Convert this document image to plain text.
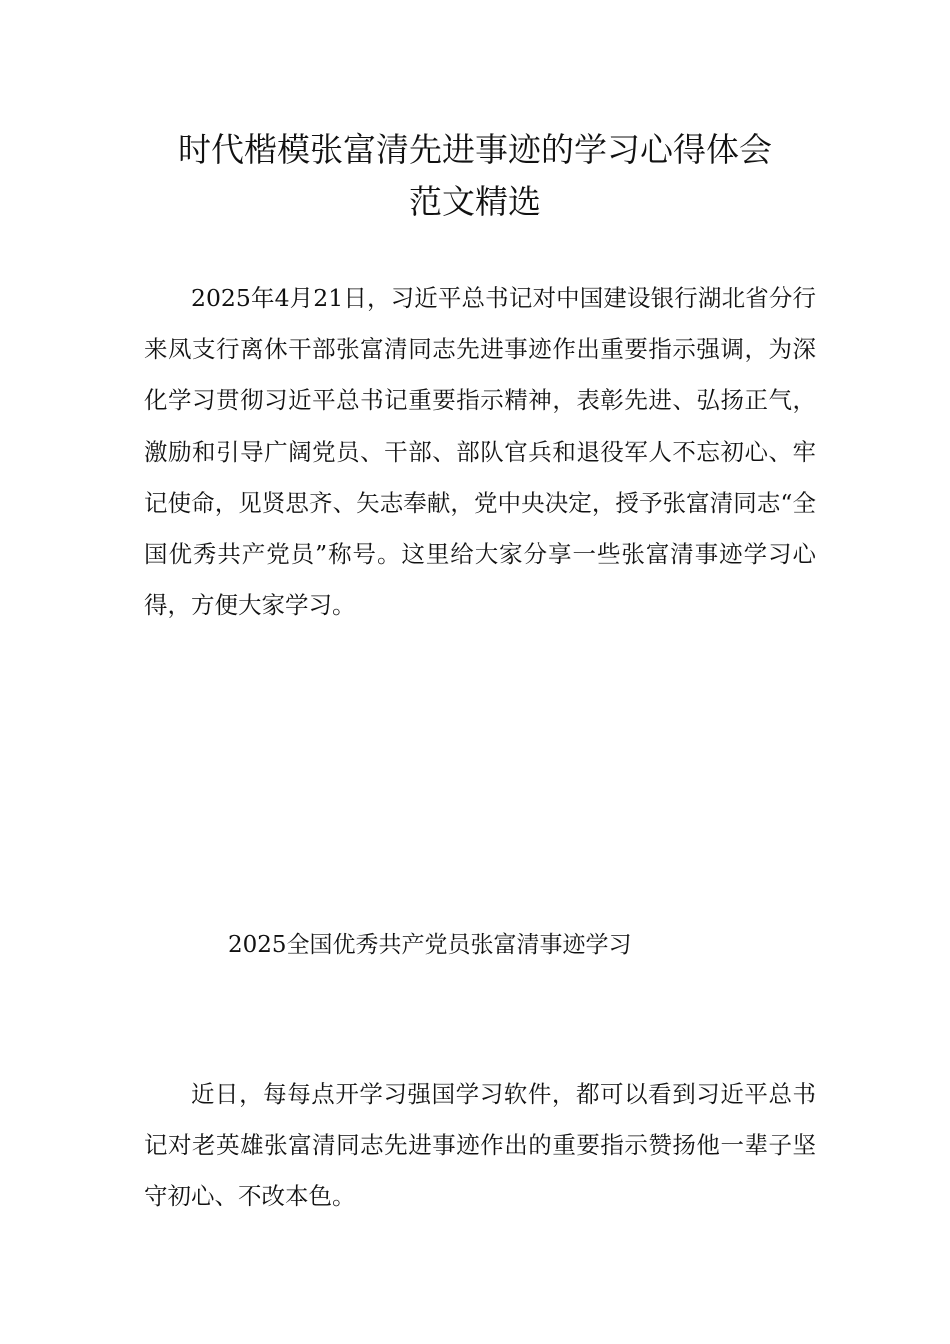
时代楷模张富清先进事迹的学习心得体会
范文精选

2025年4月21日，习近平总书记对中国建设银行湖北省分行来凤支行离休干部张富清同志先进事迹作出重要指示强调，为深化学习贯彻习近平总书记重要指示精神，表彰先进、弘扬正气，激励和引导广阔党员、干部、部队官兵和退役军人不忘初心、牢记使命，见贤思齐、矢志奉献，党中央决定，授予张富清同志“全国优秀共产党员”称号。这里给大家分享一些张富清事迹学习心得，方便大家学习。

2025全国优秀共产党员张富清事迹学习

近日，每每点开学习强国学习软件，都可以看到习近平总书记对老英雄张富清同志先进事迹作出的重要指示赞扬他一辈子坚守初心、不改本色。
